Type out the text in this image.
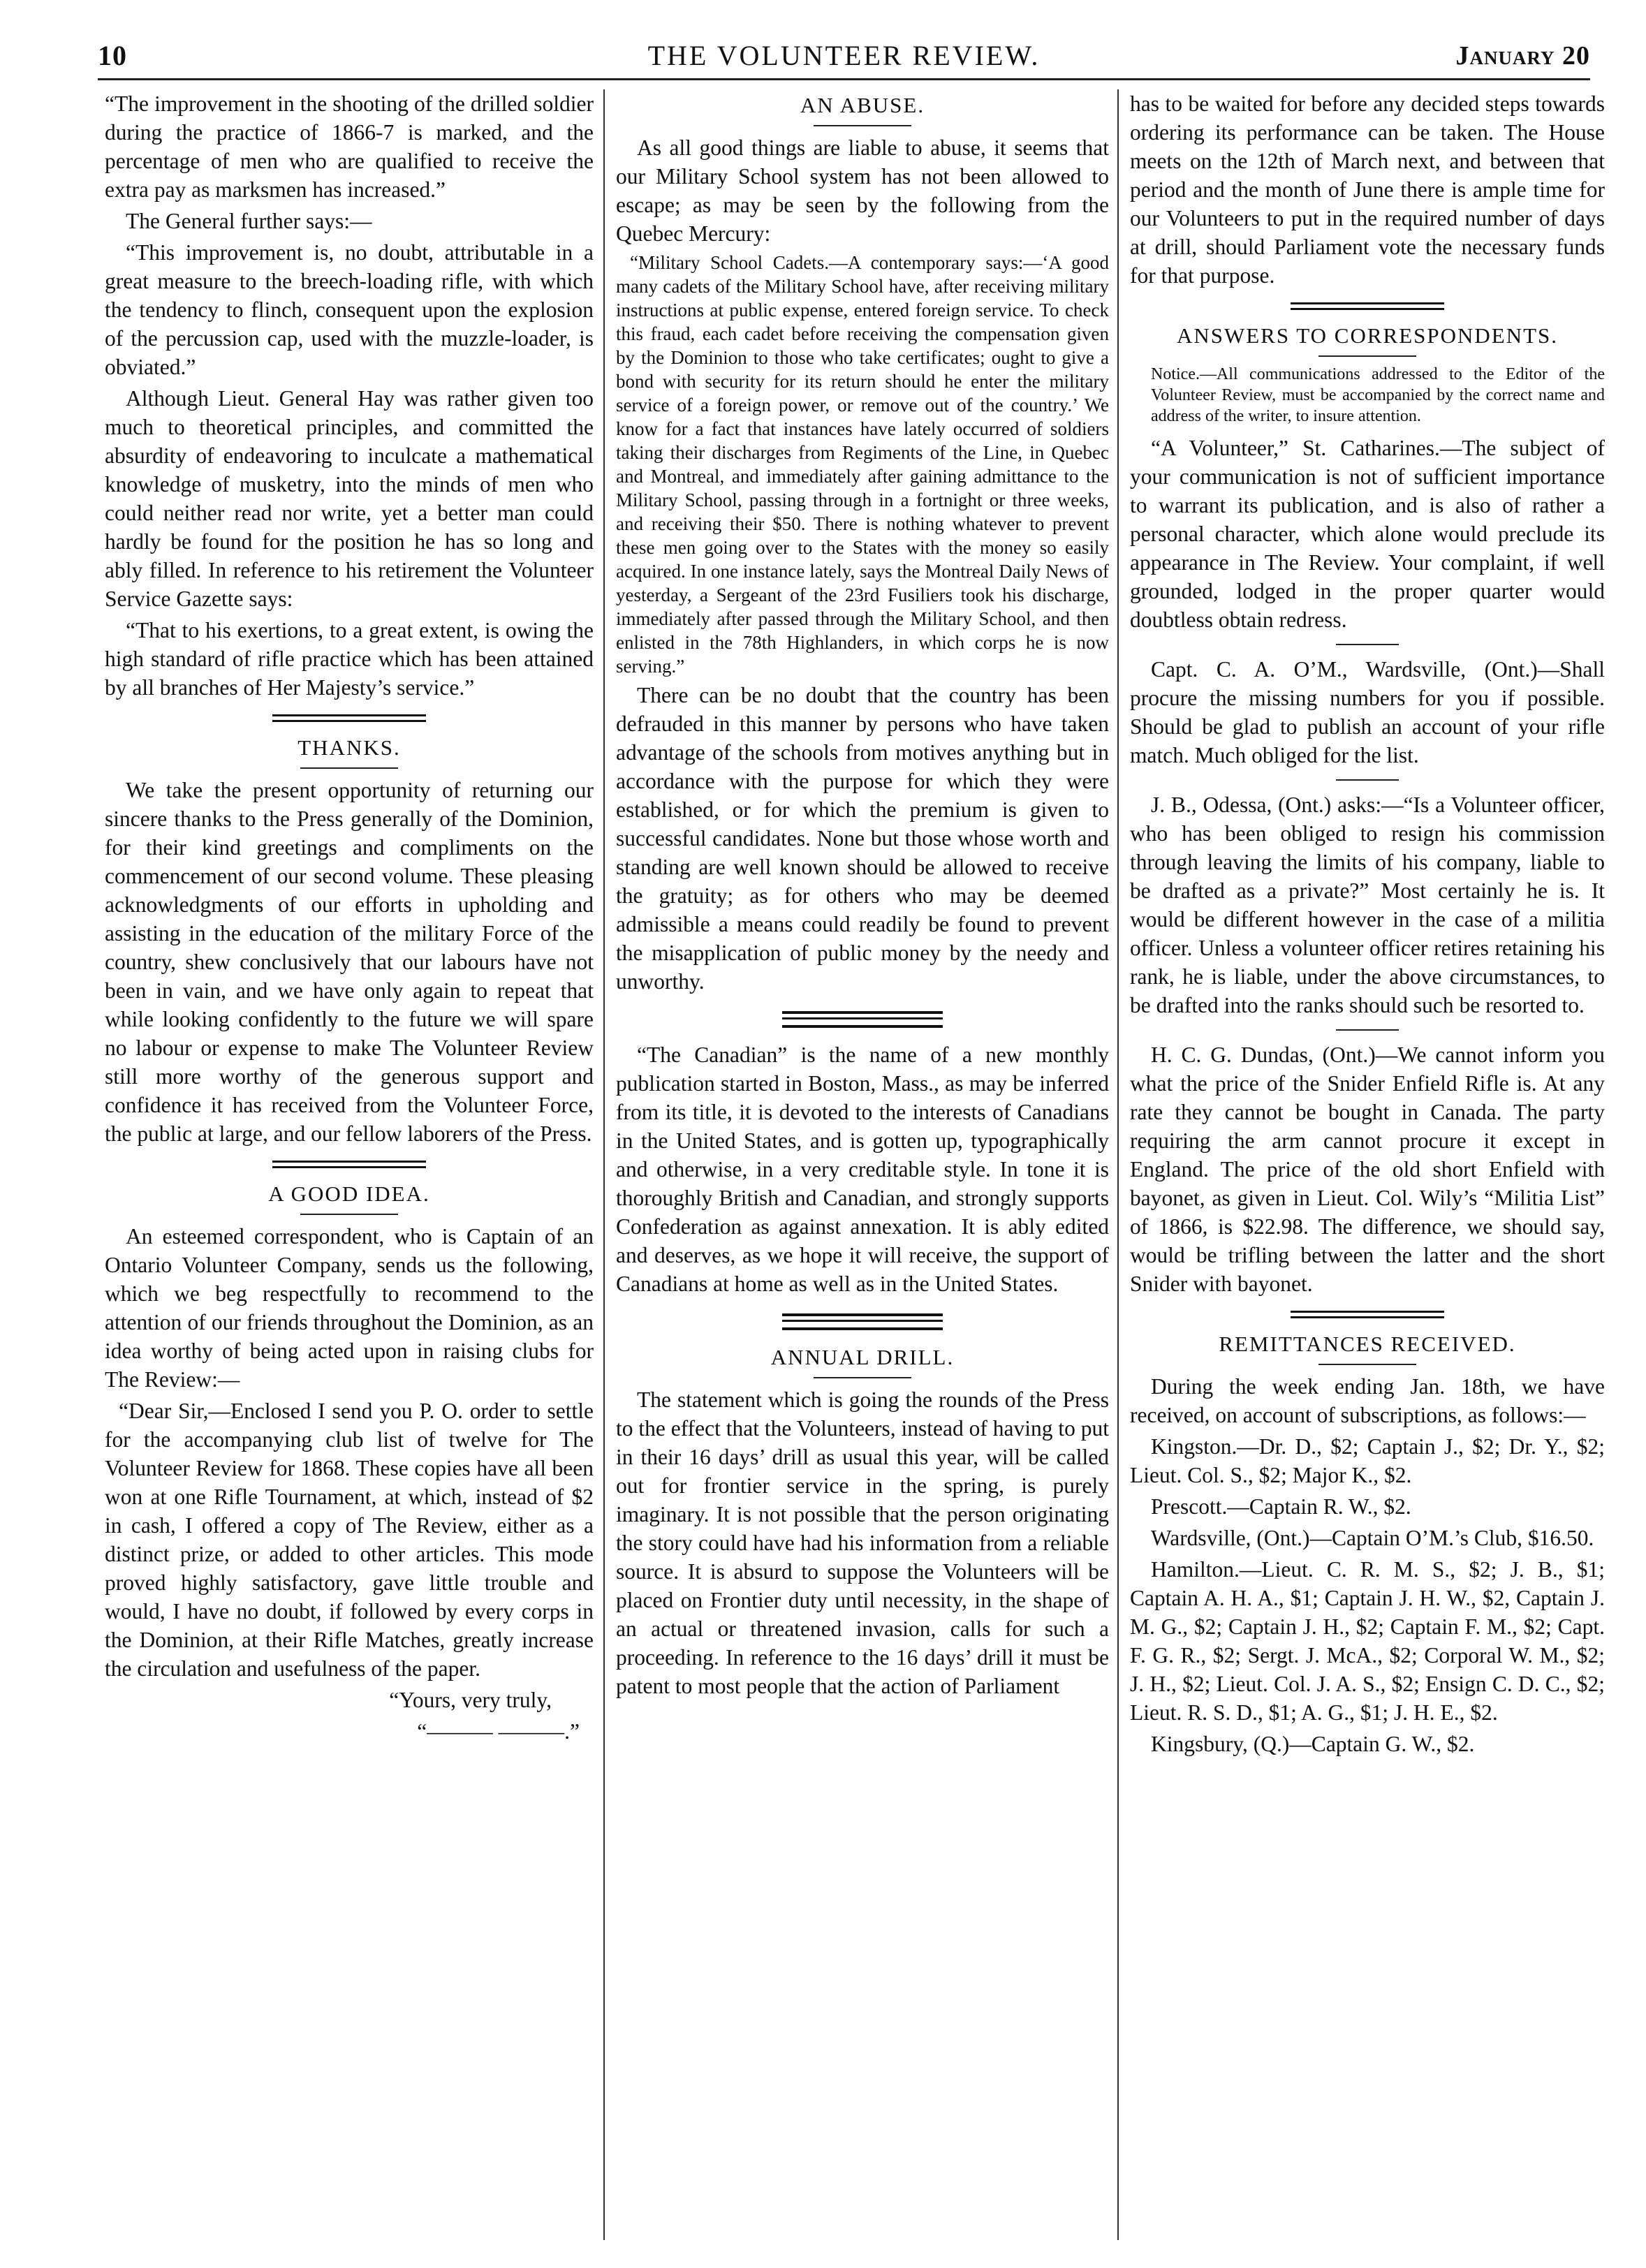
10	THE VOLUNTEER REVIEW.	January 20

“The improvement in the shooting of the drilled soldier during the practice of 1866-7 is marked, and the percentage of men who are qualified to receive the extra pay as marksmen has increased.”

The General further says:—

“This improvement is, no doubt, attributable in a great measure to the breech-loading rifle, with which the tendency to flinch, consequent upon the explosion of the percussion cap, used with the muzzle-loader, is obviated.”

Although Lieut. General Hay was rather given too much to theoretical principles, and committed the absurdity of endeavoring to inculcate a mathematical knowledge of musketry, into the minds of men who could neither read nor write, yet a better man could hardly be found for the position he has so long and ably filled. In reference to his retirement the Volunteer Service Gazette says:

“That to his exertions, to a great extent, is owing the high standard of rifle practice which has been attained by all branches of Her Majesty’s service.”

THANKS.

We take the present opportunity of returning our sincere thanks to the Press generally of the Dominion, for their kind greetings and compliments on the commencement of our second volume. These pleasing acknowledgments of our efforts in upholding and assisting in the education of the military Force of the country, shew conclusively that our labours have not been in vain, and we have only again to repeat that while looking confidently to the future we will spare no labour or expense to make The Volunteer Review still more worthy of the generous support and confidence it has received from the Volunteer Force, the public at large, and our fellow laborers of the Press.

A GOOD IDEA.

An esteemed correspondent, who is Captain of an Ontario Volunteer Company, sends us the following, which we beg respectfully to recommend to the attention of our friends throughout the Dominion, as an idea worthy of being acted upon in raising clubs for The Review:—

“Dear Sir,—Enclosed I send you P. O. order to settle for the accompanying club list of twelve for The Volunteer Review for 1868. These copies have all been won at one Rifle Tournament, at which, instead of $2 in cash, I offered a copy of The Review, either as a distinct prize, or added to other articles. This mode proved highly satisfactory, gave little trouble and would, I have no doubt, if followed by every corps in the Dominion, at their Rifle Matches, greatly increase the circulation and usefulness of the paper.

“Yours, very truly,

“——— ———.”

AN ABUSE.

As all good things are liable to abuse, it seems that our Military School system has not been allowed to escape; as may be seen by the following from the Quebec Mercury:

“Military School Cadets.—A contemporary says:—‘A good many cadets of the Military School have, after receiving military instructions at public expense, entered foreign service. To check this fraud, each cadet before receiving the compensation given by the Dominion to those who take certificates; ought to give a bond with security for its return should he enter the military service of a foreign power, or remove out of the country.’ We know for a fact that instances have lately occurred of soldiers taking their discharges from Regiments of the Line, in Quebec and Montreal, and immediately after gaining admittance to the Military School, passing through in a fortnight or three weeks, and receiving their $50. There is nothing whatever to prevent these men going over to the States with the money so easily acquired. In one instance lately, says the Montreal Daily News of yesterday, a Sergeant of the 23rd Fusiliers took his discharge, immediately after passed through the Military School, and then enlisted in the 78th Highlanders, in which corps he is now serving.”

There can be no doubt that the country has been defrauded in this manner by persons who have taken advantage of the schools from motives anything but in accordance with the purpose for which they were established, or for which the premium is given to successful candidates. None but those whose worth and standing are well known should be allowed to receive the gratuity; as for others who may be deemed admissible a means could readily be found to prevent the misapplication of public money by the needy and unworthy.

“The Canadian” is the name of a new monthly publication started in Boston, Mass., as may be inferred from its title, it is devoted to the interests of Canadians in the United States, and is gotten up, typographically and otherwise, in a very creditable style. In tone it is thoroughly British and Canadian, and strongly supports Confederation as against annexation. It is ably edited and deserves, as we hope it will receive, the support of Canadians at home as well as in the United States.

ANNUAL DRILL.

The statement which is going the rounds of the Press to the effect that the Volunteers, instead of having to put in their 16 days’ drill as usual this year, will be called out for frontier service in the spring, is purely imaginary. It is not possible that the person originating the story could have had his information from a reliable source. It is absurd to suppose the Volunteers will be placed on Frontier duty until necessity, in the shape of an actual or threatened invasion, calls for such a proceeding. In reference to the 16 days’ drill it must be patent to most people that the action of Parliament

has to be waited for before any decided steps towards ordering its performance can be taken. The House meets on the 12th of March next, and between that period and the month of June there is ample time for our Volunteers to put in the required number of days at drill, should Parliament vote the necessary funds for that purpose.

ANSWERS TO CORRESPONDENTS.

Notice.—All communications addressed to the Editor of the Volunteer Review, must be accompanied by the correct name and address of the writer, to insure attention.

“A Volunteer,” St. Catharines.—The subject of your communication is not of sufficient importance to warrant its publication, and is also of rather a personal character, which alone would preclude its appearance in The Review. Your complaint, if well grounded, lodged in the proper quarter would doubtless obtain redress.

Capt. C. A. O’M., Wardsville, (Ont.)—Shall procure the missing numbers for you if possible. Should be glad to publish an account of your rifle match. Much obliged for the list.

J. B., Odessa, (Ont.) asks:—“Is a Volunteer officer, who has been obliged to resign his commission through leaving the limits of his company, liable to be drafted as a private?” Most certainly he is. It would be different however in the case of a militia officer. Unless a volunteer officer retires retaining his rank, he is liable, under the above circumstances, to be drafted into the ranks should such be resorted to.

H. C. G. Dundas, (Ont.)—We cannot inform you what the price of the Snider Enfield Rifle is. At any rate they cannot be bought in Canada. The party requiring the arm cannot procure it except in England. The price of the old short Enfield with bayonet, as given in Lieut. Col. Wily’s “Militia List” of 1866, is $22.98. The difference, we should say, would be trifling between the latter and the short Snider with bayonet.

REMITTANCES RECEIVED.

During the week ending Jan. 18th, we have received, on account of subscriptions, as follows:—

Kingston.—Dr. D., $2; Captain J., $2; Dr. Y., $2; Lieut. Col. S., $2; Major K., $2.

Prescott.—Captain R. W., $2.

Wardsville, (Ont.)—Captain O’M.’s Club, $16.50.

Hamilton.—Lieut. C. R. M. S., $2; J. B., $1; Captain A. H. A., $1; Captain J. H. W., $2, Captain J. M. G., $2; Captain J. H., $2; Captain F. M., $2; Capt. F. G. R., $2; Sergt. J. McA., $2; Corporal W. M., $2; J. H., $2; Lieut. Col. J. A. S., $2; Ensign C. D. C., $2; Lieut. R. S. D., $1; A. G., $1; J. H. E., $2.

Kingsbury, (Q.)—Captain G. W., $2.
